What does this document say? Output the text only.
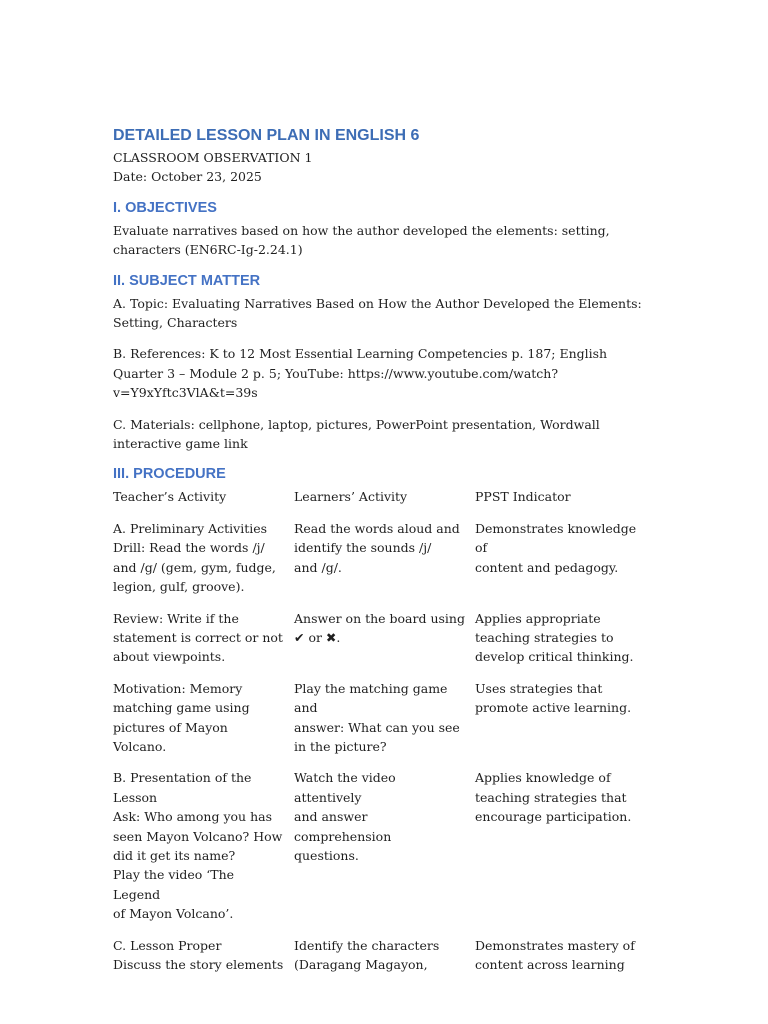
DETAILED LESSON PLAN IN ENGLISH 6

CLASSROOM OBSERVATION 1

Date: October 23, 2025

I. OBJECTIVES

Evaluate narratives based on how the author developed the elements: setting, characters (EN6RC-Ig-2.24.1)

II. SUBJECT MATTER

A. Topic: Evaluating Narratives Based on How the Author Developed the Elements: Setting, Characters

B. References: K to 12 Most Essential Learning Competencies p. 187; English Quarter 3 – Module 2 p. 5; YouTube: https://www.youtube.com/watch?v=Y9xYftc3VlA&t=39s

C. Materials: cellphone, laptop, pictures, PowerPoint presentation, Wordwall interactive game link

III. PROCEDURE
Teacher’s Activity	Learners’ Activity	PPST Indicator
A. Preliminary Activities
Drill: Read the words /j/
and /g/ (gem, gym, fudge,
legion, gulf, groove).
Read the words aloud and
identify the sounds /j/
and /g/.
Demonstrates knowledge of
content and pedagogy.
Review: Write if the
statement is correct or not
about viewpoints.
Answer on the board using
✔ or ✖.
Applies appropriate
teaching strategies to
develop critical thinking.
Motivation: Memory
matching game using
pictures of Mayon Volcano.
Play the matching game and
answer: What can you see
in the picture?
Uses strategies that
promote active learning.
B. Presentation of the
Lesson
Ask: Who among you has
seen Mayon Volcano? How
did it get its name?
Play the video ‘The Legend
of Mayon Volcano’.
Watch the video attentively
and answer comprehension
questions.
Applies knowledge of
teaching strategies that
encourage participation.
C. Lesson Proper
Discuss the story elements
Identify the characters
(Daragang Magayon,
Demonstrates mastery of
content across learning
